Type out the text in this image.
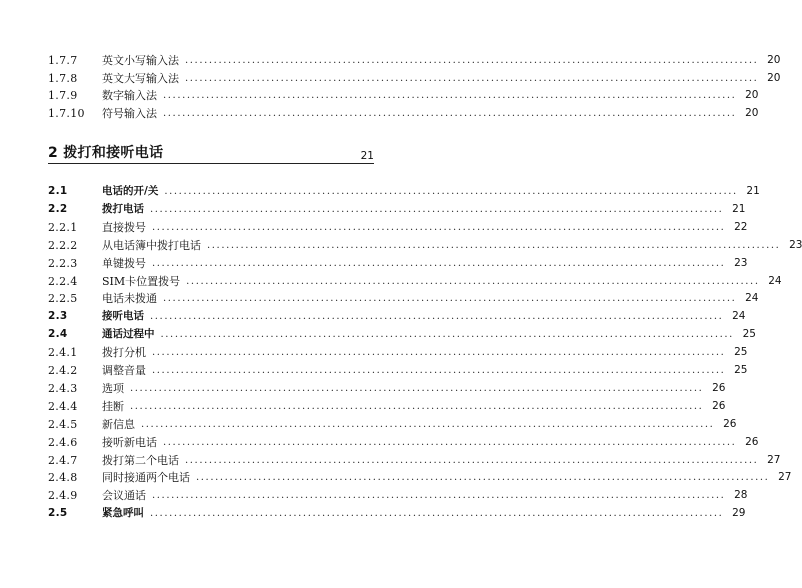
1.7.7	英文小写输入法 ........................................................................................................................ 20
1.7.8	英文大写输入法 ........................................................................................................................ 20
1.7.9	数字输入法 ........................................................................................................................ 20
1.7.10	符号输入法 ........................................................................................................................ 20
2 拨打和接听电话	21
2.1	电话的开/关 ........................................................................................................................ 21
2.2	拨打电话 ........................................................................................................................ 21
2.2.1	直接拨号 ........................................................................................................................ 22
2.2.2	从电话簿中拨打电话 ........................................................................................................................ 23
2.2.3	单键拨号 ........................................................................................................................ 23
2.2.4	SIM卡位置拨号 ........................................................................................................................ 24
2.2.5	电话未拨通 ........................................................................................................................ 24
2.3	接听电话 ........................................................................................................................ 24
2.4	通话过程中 ........................................................................................................................ 25
2.4.1	拨打分机 ........................................................................................................................ 25
2.4.2	调整音量 ........................................................................................................................ 25
2.4.3	选项 ........................................................................................................................ 26
2.4.4	挂断 ........................................................................................................................ 26
2.4.5	新信息 ........................................................................................................................ 26
2.4.6	接听新电话 ........................................................................................................................ 26
2.4.7	拨打第二个电话 ........................................................................................................................ 27
2.4.8	同时接通两个电话 ........................................................................................................................ 27
2.4.9	会议通话 ........................................................................................................................ 28
2.5	紧急呼叫 ........................................................................................................................ 29
